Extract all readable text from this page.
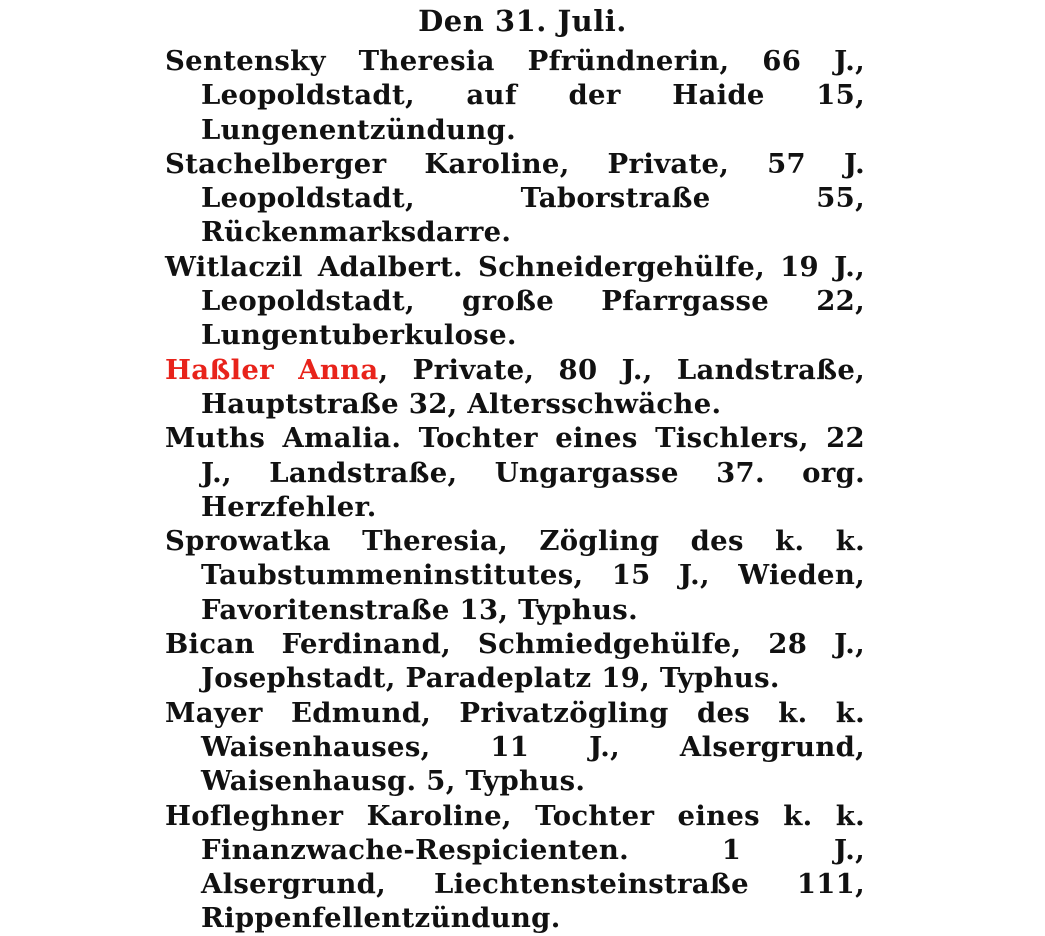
Den 31. Juli.

Sentensky Theresia Pfründnerin, 66 J., Leopoldstadt, auf der Haide 15, Lungenentzündung.

Stachelberger Karoline, Private, 57 J. Leopoldstadt, Taborstraße 55, Rückenmarksdarre.

Witlaczil Adalbert. Schneidergehülfe, 19 J., Leopoldstadt, große Pfarrgasse 22, Lungentuberkulose.

Haßler Anna, Private, 80 J., Landstraße, Hauptstraße 32, Altersschwäche.

Muths Amalia. Tochter eines Tischlers, 22 J., Landstraße, Ungargasse 37. org. Herzfehler.

Sprowatka Theresia, Zögling des k. k. Taubstummeninstitutes, 15 J., Wieden, Favoritenstraße 13, Typhus.

Bican Ferdinand, Schmiedgehülfe, 28 J., Josephstadt, Paradeplatz 19, Typhus.

Mayer Edmund, Privatzögling des k. k. Waisenhauses, 11 J., Alsergrund, Waisenhausg. 5, Typhus.

Hofleghner Karoline, Tochter eines k. k. Finanzwache-Respicienten. 1 J., Alsergrund, Liechtensteinstraße 111, Rippenfellentzündung.
